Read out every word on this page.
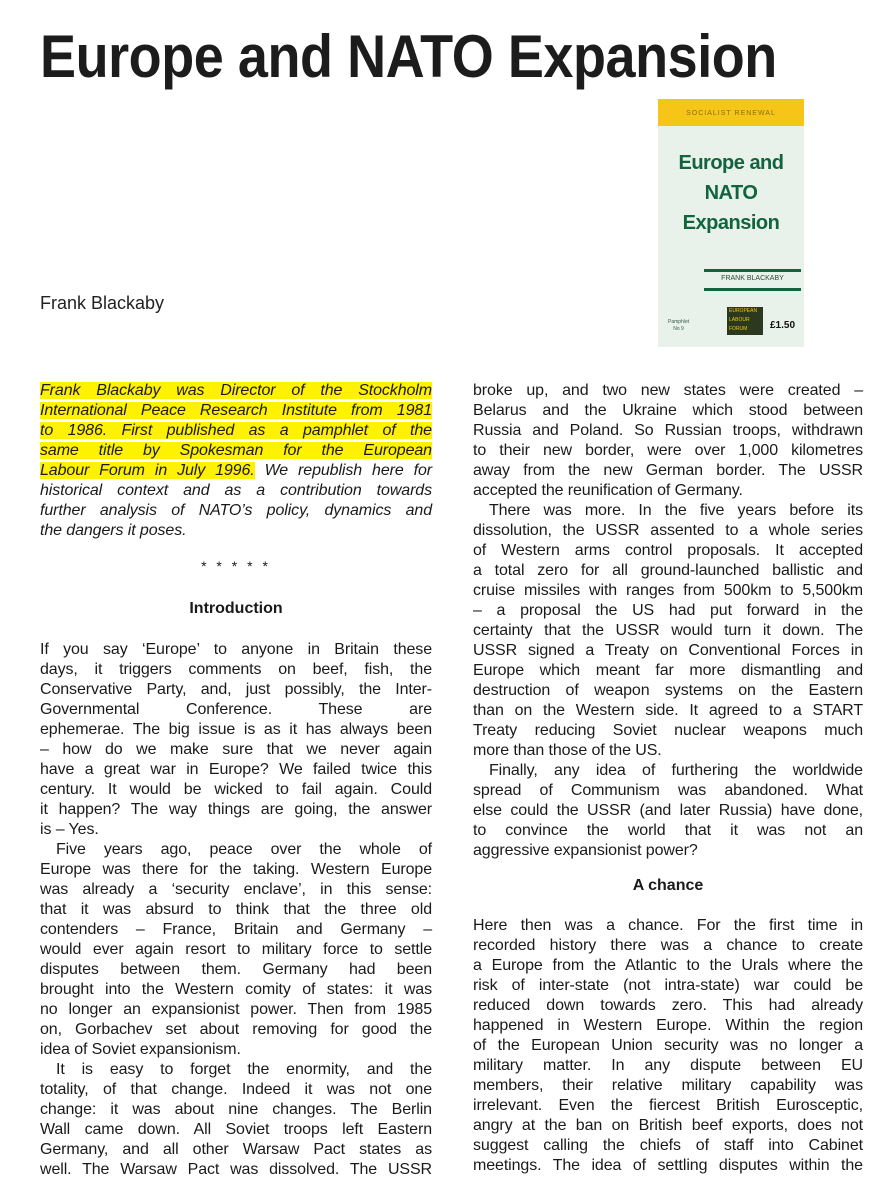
Europe and NATO Expansion
Frank Blackaby
SOCIALIST RENEWAL
Europe and
NATO
Expansion
FRANK BLACKABY
EUROPEAN
LABOUR
FORUM
Pamphlet
No 9	£1.50
Frank Blackaby was Director of the Stockholm
International Peace Research Institute from 1981
to 1986. First published as a pamphlet of the
same title by Spokesman for the European
Labour Forum in July 1996. We republish here for
historical context and as a contribution towards
further analysis of NATO’s policy, dynamics and
the dangers it poses.
* * * * *
Introduction
If you say ‘Europe’ to anyone in Britain these
days, it triggers comments on beef, fish, the
Conservative Party, and, just possibly, the Inter-
Governmental Conference. These are
ephemerae. The big issue is as it has always been
– how do we make sure that we never again
have a great war in Europe? We failed twice this
century. It would be wicked to fail again. Could
it happen? The way things are going, the answer
is – Yes.
Five years ago, peace over the whole of
Europe was there for the taking. Western Europe
was already a ‘security enclave’, in this sense:
that it was absurd to think that the three old
contenders – France, Britain and Germany –
would ever again resort to military force to settle
disputes between them. Germany had been
brought into the Western comity of states: it was
no longer an expansionist power. Then from 1985
on, Gorbachev set about removing for good the
idea of Soviet expansionism.
It is easy to forget the enormity, and the
totality, of that change. Indeed it was not one
change: it was about nine changes. The Berlin
Wall came down. All Soviet troops left Eastern
Germany, and all other Warsaw Pact states as
well. The Warsaw Pact was dissolved. The USSR
broke up, and two new states were created –
Belarus and the Ukraine which stood between
Russia and Poland. So Russian troops, withdrawn
to their new border, were over 1,000 kilometres
away from the new German border. The USSR
accepted the reunification of Germany.
There was more. In the five years before its
dissolution, the USSR assented to a whole series
of Western arms control proposals. It accepted
a total zero for all ground-launched ballistic and
cruise missiles with ranges from 500km to 5,500km
– a proposal the US had put forward in the
certainty that the USSR would turn it down. The
USSR signed a Treaty on Conventional Forces in
Europe which meant far more dismantling and
destruction of weapon systems on the Eastern
than on the Western side. It agreed to a START
Treaty reducing Soviet nuclear weapons much
more than those of the US.
Finally, any idea of furthering the worldwide
spread of Communism was abandoned. What
else could the USSR (and later Russia) have done,
to convince the world that it was not an
aggressive expansionist power?
A chance
Here then was a chance. For the first time in
recorded history there was a chance to create
a Europe from the Atlantic to the Urals where the
risk of inter-state (not intra-state) war could be
reduced down towards zero. This had already
happened in Western Europe. Within the region
of the European Union security was no longer a
military matter. In any dispute between EU
members, their relative military capability was
irrelevant. Even the fiercest British Eurosceptic,
angry at the ban on British beef exports, does not
suggest calling the chiefs of staff into Cabinet
meetings. The idea of settling disputes within the
